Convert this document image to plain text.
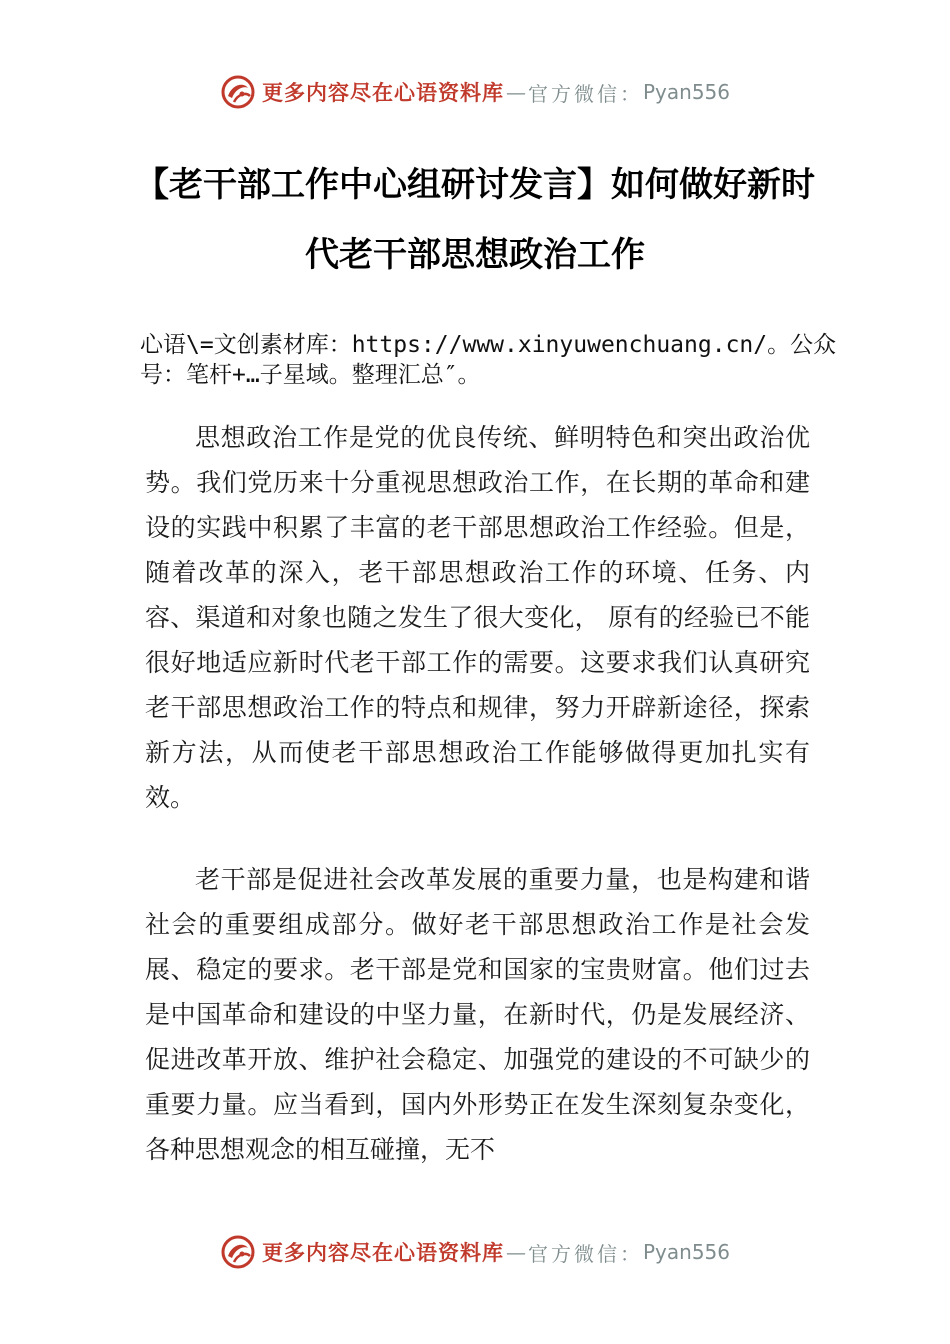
更多内容尽在心语资料库 — 官方微信： Pyan556
【老干部工作中心组研讨发言】如何做好新时代老干部思想政治工作
心语\=文创素材库：https://www.xinyuwenchuang.cn/。公众号：笔杆+…子星域。整理汇总″。

思想政治工作是党的优良传统、鲜明特色和突出政治优势。我们党历来十分重视思想政治工作，在长期的革命和建设的实践中积累了丰富的老干部思想政治工作经验。但是，随着改革的深入，老干部思想政治工作的环境、任务、内容、渠道和对象也随之发生了很大变化， 原有的经验已不能很好地适应新时代老干部工作的需要。这要求我们认真研究老干部思想政治工作的特点和规律，努力开辟新途径，探索新方法，从而使老干部思想政治工作能够做得更加扎实有效。

老干部是促进社会改革发展的重要力量，也是构建和谐社会的重要组成部分。做好老干部思想政治工作是社会发展、稳定的要求。老干部是党和国家的宝贵财富。他们过去是中国革命和建设的中坚力量，在新时代，仍是发展经济、促进改革开放、维护社会稳定、加强党的建设的不可缺少的重要力量。应当看到，国内外形势正在发生深刻复杂变化，各种思想观念的相互碰撞，无不

更多内容尽在心语资料库 — 官方微信： Pyan556
